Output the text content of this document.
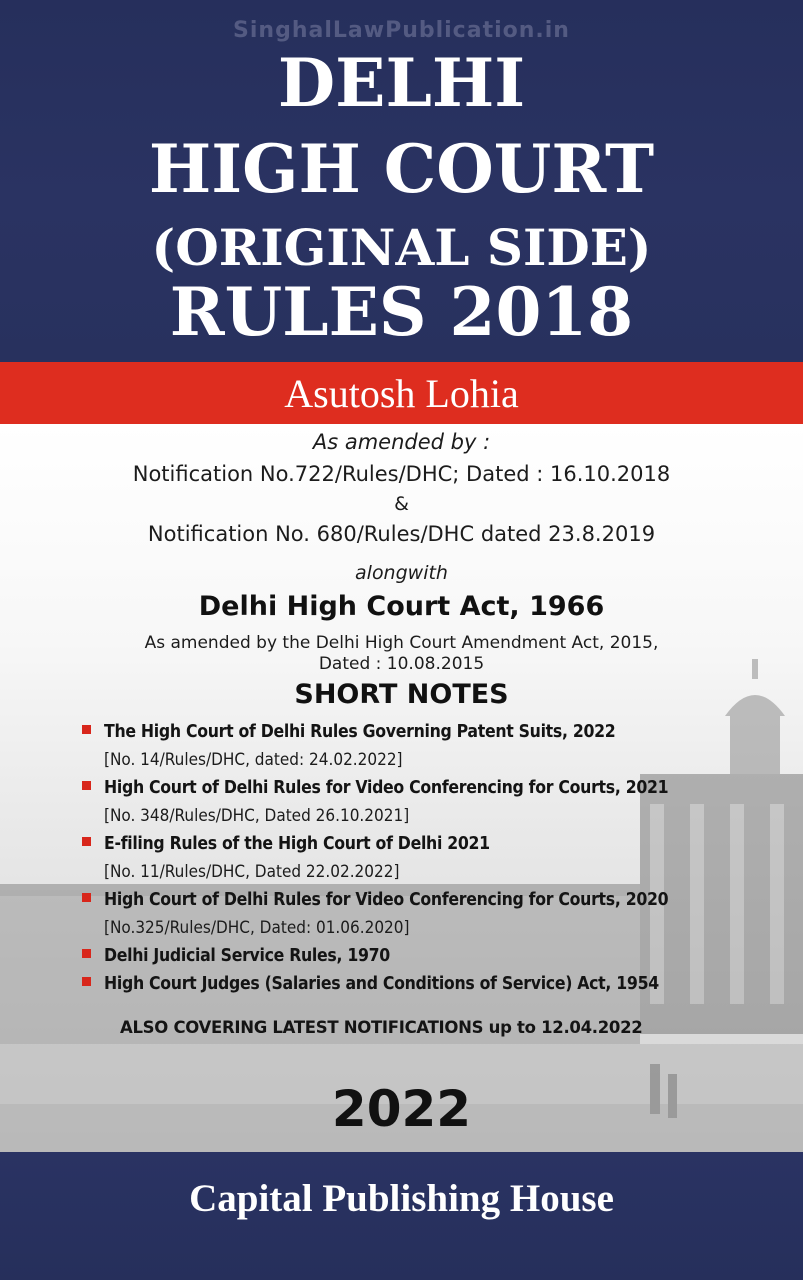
SinghalLawPublication.in
DELHI
HIGH COURT
(ORIGINAL SIDE)
RULES 2018
Asutosh Lohia
As amended by :
Notification No.722/Rules/DHC; Dated : 16.10.2018
&
Notification No. 680/Rules/DHC dated 23.8.2019
alongwith
Delhi High Court Act, 1966
As amended by the Delhi High Court Amendment Act, 2015,
Dated : 10.08.2015
SHORT NOTES
The High Court of Delhi Rules Governing Patent Suits, 2022
[No. 14/Rules/DHC, dated: 24.02.2022]
High Court of Delhi Rules for Video Conferencing for Courts, 2021
[No. 348/Rules/DHC, Dated 26.10.2021]
E-filing Rules of the High Court of Delhi 2021
[No. 11/Rules/DHC, Dated 22.02.2022]
High Court of Delhi Rules for Video Conferencing for Courts, 2020
[No.325/Rules/DHC, Dated: 01.06.2020]
Delhi Judicial Service Rules, 1970
High Court Judges (Salaries and Conditions of Service) Act, 1954
ALSO COVERING LATEST NOTIFICATIONS up to 12.04.2022
2022
Capital Publishing House
